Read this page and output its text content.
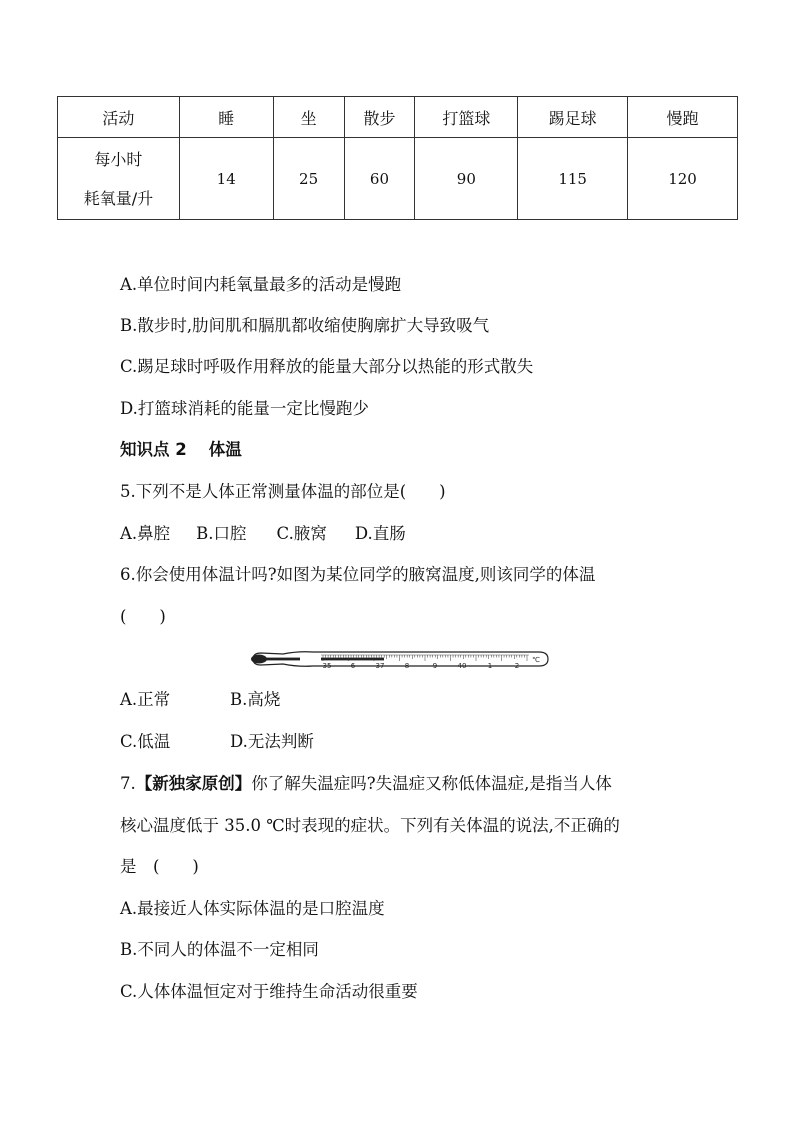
活动	睡	坐	散步	打篮球	踢足球	慢跑

每小时
耗氧量/升	14	25	60	90	115	120
A.单位时间内耗氧量最多的活动是慢跑
B.散步时,肋间肌和膈肌都收缩使胸廓扩大导致吸气
C.踢足球时呼吸作用释放的能量大部分以热能的形式散失
D.打篮球消耗的能量一定比慢跑少
知识点 2 体温
5.下列不是人体正常测量体温的部位是(　　)
A.鼻腔 B.口腔 C.腋窝 D.直肠
6.你会使用体温计吗?如图为某位同学的腋窝温度,则该同学的体温
(　　)
35	6	37	8	9	40	1	2
℃
A.正常	B.高烧
C.低温	D.无法判断
7.【新独家原创】你了解失温症吗?失温症又称低体温症,是指当人体
核心温度低于 35.0 ℃时表现的症状。下列有关体温的说法,不正确的
是　(　　)
A.最接近人体实际体温的是口腔温度
B.不同人的体温不一定相同
C.人体体温恒定对于维持生命活动很重要
